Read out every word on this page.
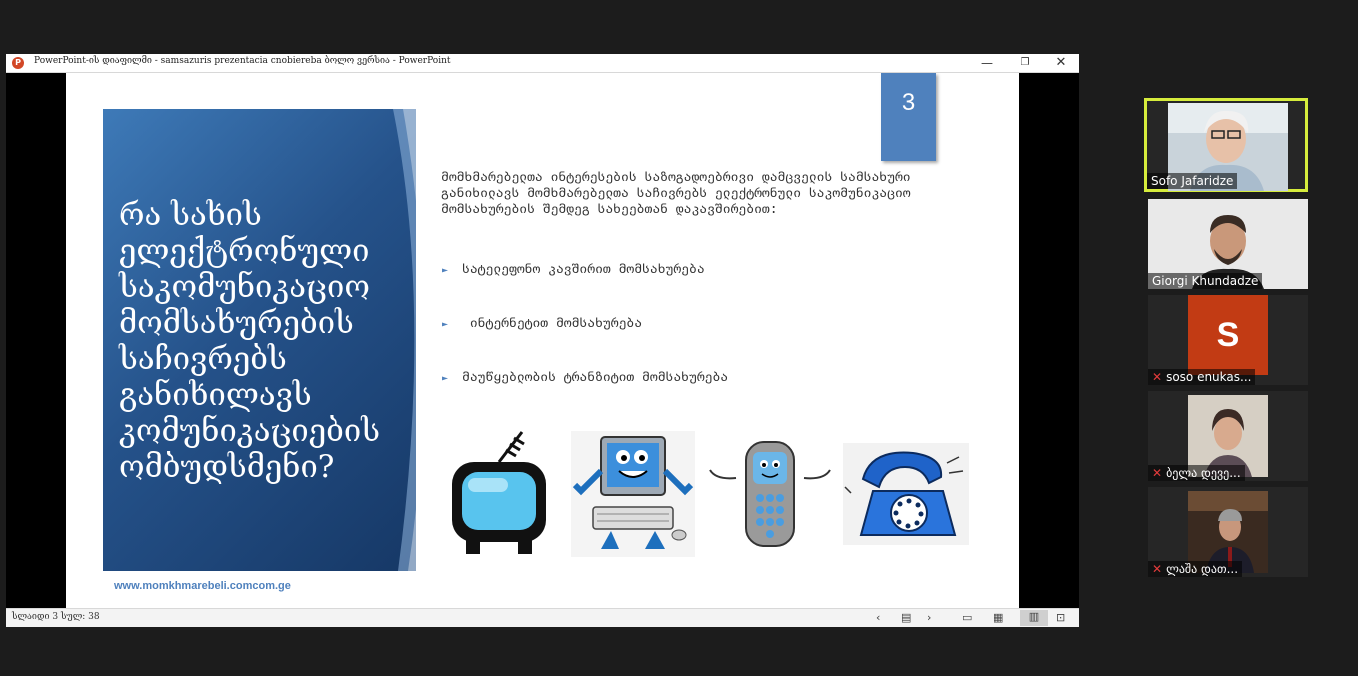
P	PowerPoint-ის დიაფილმი - samsazuris prezentacia cnobiereba ბოლო ვერსია - PowerPoint	—	❐	✕
3
რა სახის ელექტრონული საკომუნიკაციო მომსახურების საჩივრებს განიხილავს კომუნიკაციების ომბუდსმენი?
მომხმარებელთა ინტერესების საზოგადოებრივი დამცველის სამსახური განიხილავს მომხმარებელთა საჩივრებს ელექტრონული საკომუნიკაციო მომსახურების შემდეგ სახეებთან დაკავშირებით:
► სატელეფონო კავშირით მომსახურება
► ინტერნეტით მომსახურება
► მაუწყებლობის ტრანზიტით მომსახურება
www.momkhmarebeli.comcom.ge
სლაიდი 3 სულ: 38	‹ ▤ ›	▭ ▦	▥	⊡
Sofo Jafaridze
Giorgi Khundadze
S
✕ soso enukas...
✕ ბელა დევე...
✕ ლაშა დათ...
